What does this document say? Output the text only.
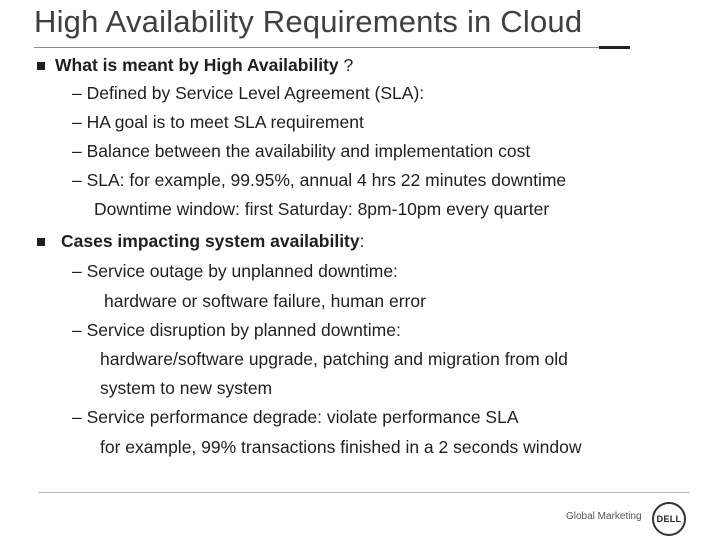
High Availability Requirements in Cloud
What is meant by High Availability ?
– Defined by Service Level Agreement (SLA):
– HA goal is to meet SLA requirement
– Balance between the availability and implementation cost
– SLA: for example, 99.95%, annual 4 hrs 22 minutes downtime
Downtime window: first Saturday: 8pm-10pm every quarter
Cases impacting system availability:
– Service outage by unplanned downtime:
hardware or software failure, human error
– Service disruption by planned downtime:
hardware/software upgrade, patching and migration from old
system to new system
– Service performance degrade: violate performance SLA
for example, 99% transactions finished in a 2 seconds window
Global Marketing DELL
